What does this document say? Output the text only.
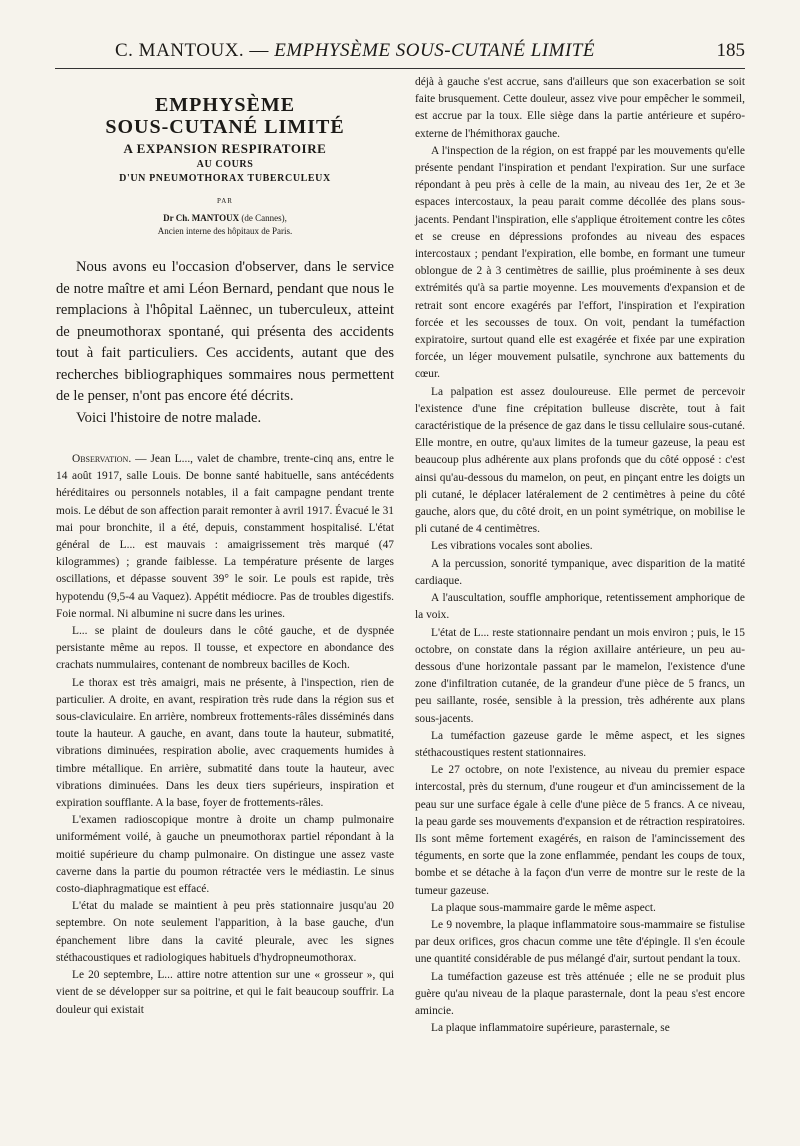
C. MANTOUX. — EMPHYSÈME SOUS-CUTANÉ LIMITÉ	185
EMPHYSÈME
SOUS-CUTANÉ LIMITÉ
A EXPANSION RESPIRATOIRE
AU COURS
D'UN PNEUMOTHORAX TUBERCULEUX
PAR
Dr Ch. MANTOUX (de Cannes),
Ancien interne des hôpitaux de Paris.

Nous avons eu l'occasion d'observer, dans le service de notre maître et ami Léon Bernard, pendant que nous le remplacions à l'hôpital Laënnec, un tuberculeux, atteint de pneumothorax spontané, qui présenta des accidents tout à fait particuliers. Ces accidents, autant que des recherches bibliographiques sommaires nous permettent de le penser, n'ont pas encore été décrits.

Voici l'histoire de notre malade.

Observation. — Jean L..., valet de chambre, trente-cinq ans, entre le 14 août 1917, salle Louis. De bonne santé habituelle, sans antécédents héréditaires ou personnels notables, il a fait campagne pendant trente mois. Le début de son affection parait remonter à avril 1917. Évacué le 31 mai pour bronchite, il a été, depuis, constamment hospitalisé. L'état général de L... est mauvais : amaigrissement très marqué (47 kilogrammes) ; grande faiblesse. La température présente de larges oscillations, et dépasse souvent 39° le soir. Le pouls est rapide, très hypotendu (9,5-4 au Vaquez). Appétit médiocre. Pas de troubles digestifs. Foie normal. Ni albumine ni sucre dans les urines.

L... se plaint de douleurs dans le côté gauche, et de dyspnée persistante même au repos. Il tousse, et expectore en abondance des crachats nummulaires, contenant de nombreux bacilles de Koch.

Le thorax est très amaigri, mais ne présente, à l'inspection, rien de particulier. A droite, en avant, respiration très rude dans la région sus et sous-claviculaire. En arrière, nombreux frottements-râles disséminés dans toute la hauteur. A gauche, en avant, dans toute la hauteur, submatité, vibrations diminuées, respiration abolie, avec craquements humides à timbre métallique. En arrière, submatité dans toute la hauteur, avec vibrations diminuées. Dans les deux tiers supérieurs, inspiration et expiration soufflante. A la base, foyer de frottements-râles.

L'examen radioscopique montre à droite un champ pulmonaire uniformément voilé, à gauche un pneumothorax partiel répondant à la moitié supérieure du champ pulmonaire. On distingue une assez vaste caverne dans la partie du poumon rétractée vers le médiastin. Le sinus costo-diaphragmatique est effacé.

L'état du malade se maintient à peu près stationnaire jusqu'au 20 septembre. On note seulement l'apparition, à la base gauche, d'un épanchement libre dans la cavité pleurale, avec les signes stéthacoustiques et radiologiques habituels d'hydropneumothorax.

Le 20 septembre, L... attire notre attention sur une « grosseur », qui vient de se développer sur sa poitrine, et qui le fait beaucoup souffrir. La douleur qui existait

déjà à gauche s'est accrue, sans d'ailleurs que son exacerbation se soit faite brusquement. Cette douleur, assez vive pour empêcher le sommeil, est accrue par la toux. Elle siège dans la partie antérieure et supéro-externe de l'hémithorax gauche.

A l'inspection de la région, on est frappé par les mouvements qu'elle présente pendant l'inspiration et pendant l'expiration. Sur une surface répondant à peu près à celle de la main, au niveau des 1er, 2e et 3e espaces intercostaux, la peau parait comme décollée des plans sous-jacents. Pendant l'inspiration, elle s'applique étroitement contre les côtes et se creuse en dépressions profondes au niveau des espaces intercostaux ; pendant l'expiration, elle bombe, en formant une tumeur oblongue de 2 à 3 centimètres de saillie, plus proéminente à ses deux extrémités qu'à sa partie moyenne. Les mouvements d'expansion et de retrait sont encore exagérés par l'effort, l'inspiration et l'expiration forcée et les secousses de toux. On voit, pendant la tuméfaction expiratoire, surtout quand elle est exagérée et fixée par une expiration forcée, un léger mouvement pulsatile, synchrone aux battements du cœur.

La palpation est assez douloureuse. Elle permet de percevoir l'existence d'une fine crépitation bulleuse discrète, tout à fait caractéristique de la présence de gaz dans le tissu cellulaire sous-cutané. Elle montre, en outre, qu'aux limites de la tumeur gazeuse, la peau est beaucoup plus adhérente aux plans profonds que du côté opposé : c'est ainsi qu'au-dessous du mamelon, on peut, en pinçant entre les doigts un pli cutané, le déplacer latéralement de 2 centimètres à peine du côté gauche, alors que, du côté droit, en un point symétrique, on mobilise le pli cutané de 4 centimètres.

Les vibrations vocales sont abolies.

A la percussion, sonorité tympanique, avec disparition de la matité cardiaque.

A l'auscultation, souffle amphorique, retentissement amphorique de la voix.

L'état de L... reste stationnaire pendant un mois environ ; puis, le 15 octobre, on constate dans la région axillaire antérieure, un peu au-dessous d'une horizontale passant par le mamelon, l'existence d'une zone d'infiltration cutanée, de la grandeur d'une pièce de 5 francs, un peu saillante, rosée, sensible à la pression, très adhérente aux plans sous-jacents.

La tuméfaction gazeuse garde le même aspect, et les signes stéthacoustiques restent stationnaires.

Le 27 octobre, on note l'existence, au niveau du premier espace intercostal, près du sternum, d'une rougeur et d'un amincissement de la peau sur une surface égale à celle d'une pièce de 5 francs. A ce niveau, la peau garde ses mouvements d'expansion et de rétraction respiratoires. Ils sont même fortement exagérés, en raison de l'amincissement des téguments, en sorte que la zone enflammée, pendant les coups de toux, bombe et se détache à la façon d'un verre de montre sur le reste de la tumeur gazeuse.

La plaque sous-mammaire garde le même aspect.

Le 9 novembre, la plaque inflammatoire sous-mammaire se fistulise par deux orifices, gros chacun comme une tête d'épingle. Il s'en écoule une quantité considérable de pus mélangé d'air, surtout pendant la toux.

La tuméfaction gazeuse est très atténuée ; elle ne se produit plus guère qu'au niveau de la plaque parasternale, dont la peau s'est encore amincie.

La plaque inflammatoire supérieure, parasternale, se
